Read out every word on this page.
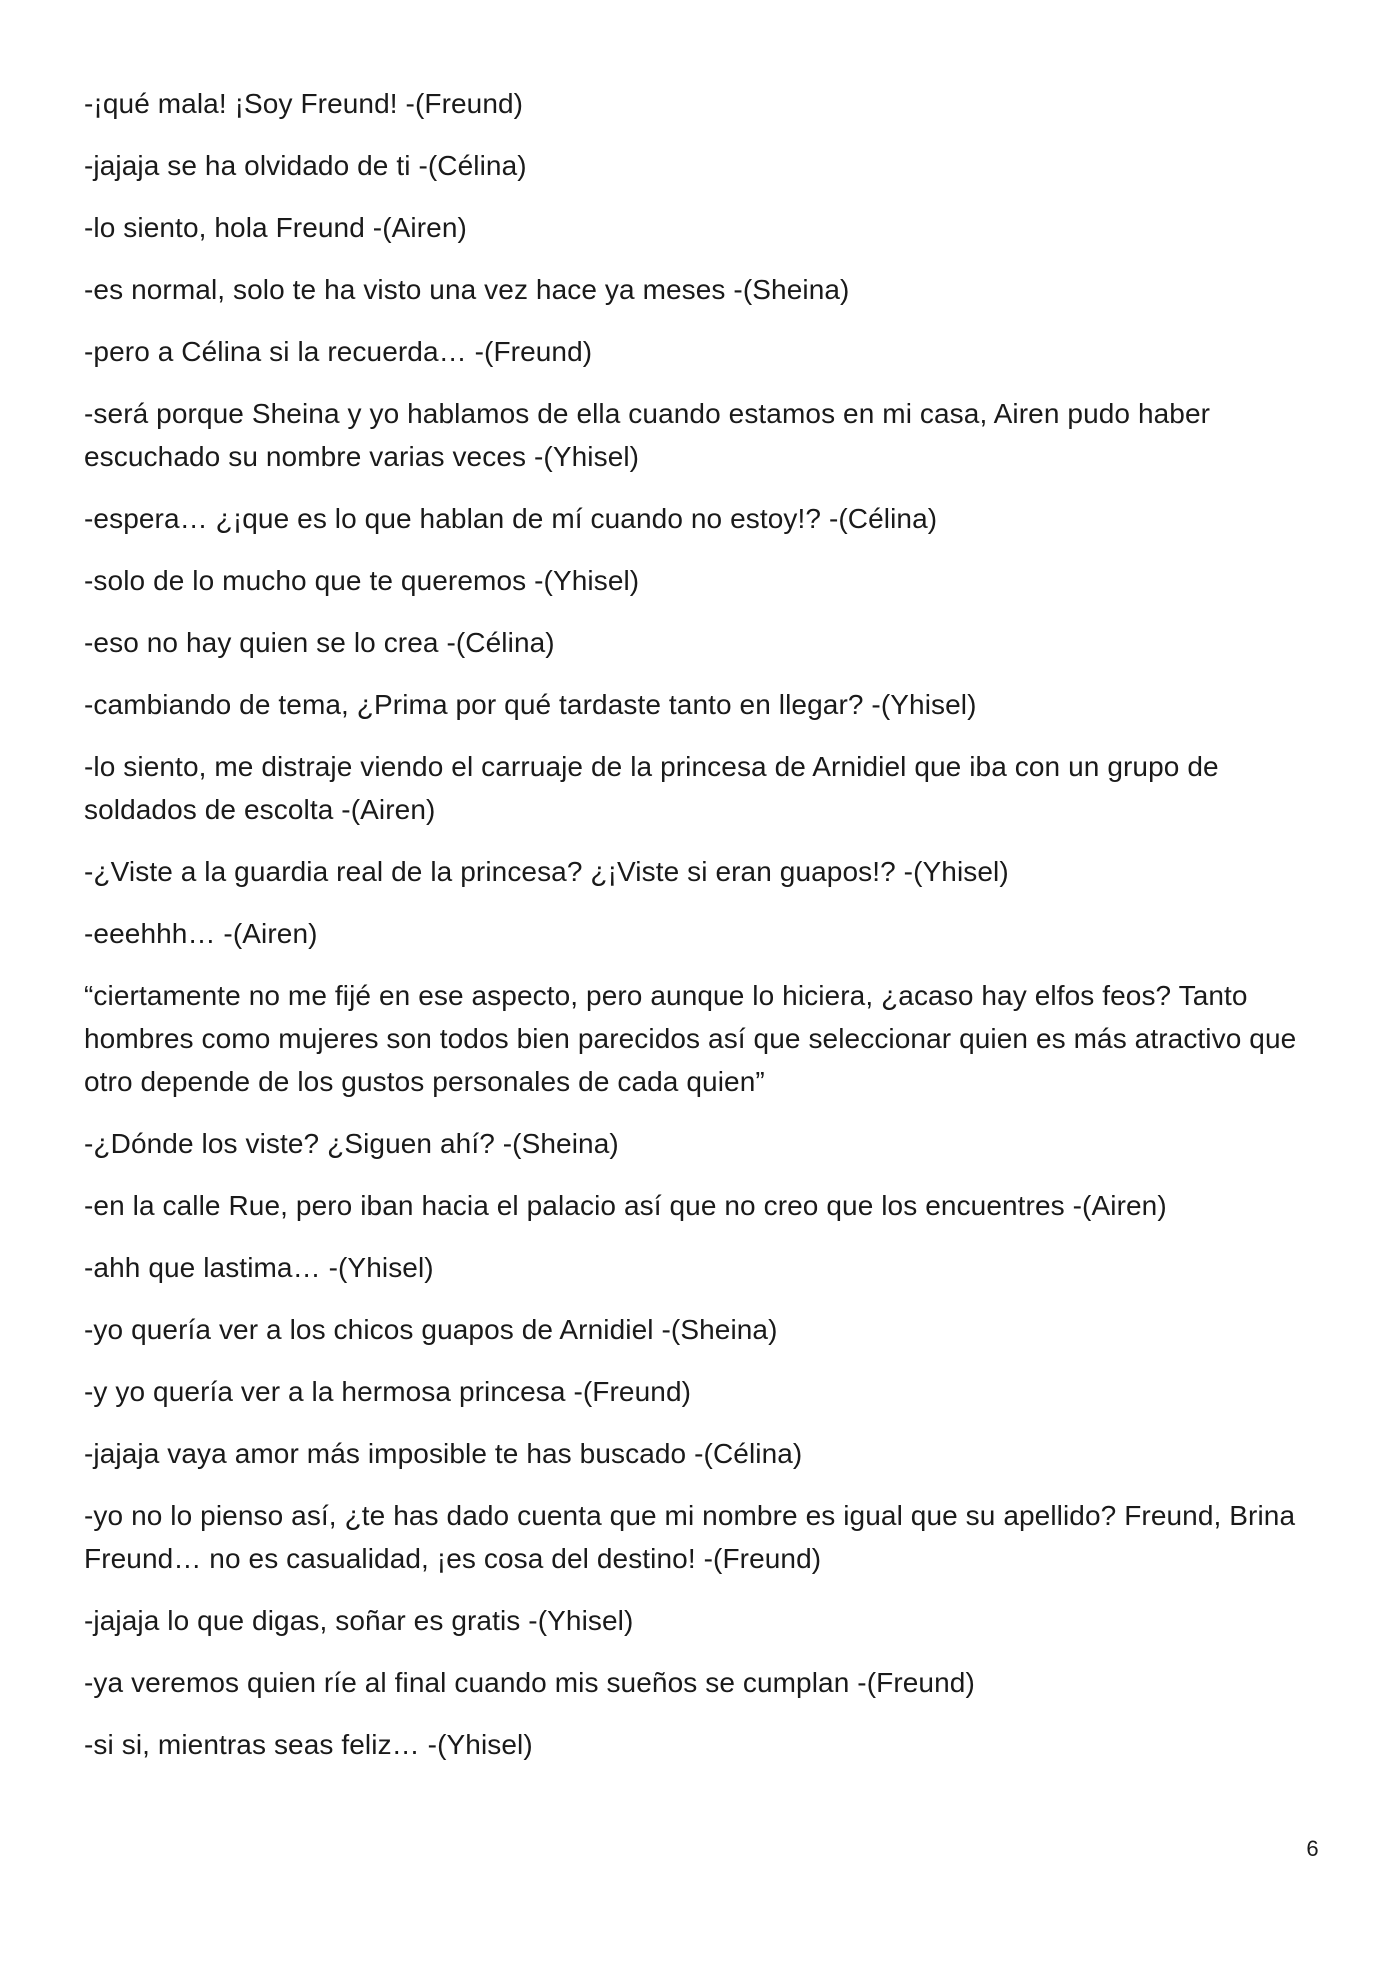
-¡qué mala! ¡Soy Freund! -(Freund)

-jajaja se ha olvidado de ti -(Célina)

-lo siento, hola Freund -(Airen)

-es normal, solo te ha visto una vez hace ya meses -(Sheina)

-pero a Célina si la recuerda… -(Freund)

-será porque Sheina y yo hablamos de ella cuando estamos en mi casa, Airen pudo haber escuchado su nombre varias veces -(Yhisel)

-espera… ¿¡que es lo que hablan de mí cuando no estoy!? -(Célina)

-solo de lo mucho que te queremos -(Yhisel)

-eso no hay quien se lo crea -(Célina)

-cambiando de tema, ¿Prima por qué tardaste tanto en llegar? -(Yhisel)

-lo siento, me distraje viendo el carruaje de la princesa de Arnidiel que iba con un grupo de soldados de escolta -(Airen)

-¿Viste a la guardia real de la princesa? ¿¡Viste si eran guapos!? -(Yhisel)

-eeehhh… -(Airen)

“ciertamente no me fijé en ese aspecto, pero aunque lo hiciera, ¿acaso hay elfos feos? Tanto hombres como mujeres son todos bien parecidos así que seleccionar quien es más atractivo que otro depende de los gustos personales de cada quien”

-¿Dónde los viste? ¿Siguen ahí? -(Sheina)

-en la calle Rue, pero iban hacia el palacio así que no creo que los encuentres -(Airen)

-ahh que lastima… -(Yhisel)

-yo quería ver a los chicos guapos de Arnidiel -(Sheina)

-y yo quería ver a la hermosa princesa -(Freund)

-jajaja vaya amor más imposible te has buscado -(Célina)

-yo no lo pienso así, ¿te has dado cuenta que mi nombre es igual que su apellido? Freund, Brina Freund… no es casualidad, ¡es cosa del destino! -(Freund)

-jajaja lo que digas, soñar es gratis -(Yhisel)

-ya veremos quien ríe al final cuando mis sueños se cumplan -(Freund)

-si si, mientras seas feliz… -(Yhisel)

6
